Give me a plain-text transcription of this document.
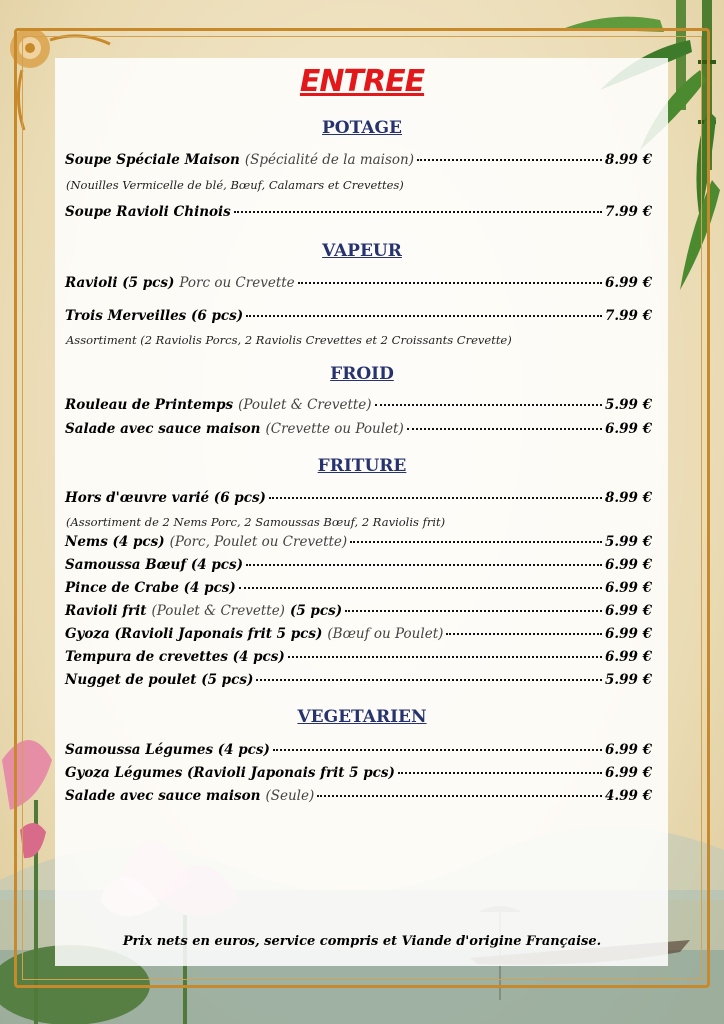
ENTREE
POTAGE
Soupe Spéciale Maison (Spécialité de la maison)	8.99 €

(Nouilles Vermicelle de blé, Bœuf, Calamars et Crevettes)

Soupe Ravioli Chinois	7.99 €
VAPEUR
Ravioli (5 pcs) Porc ou Crevette	6.99 €
Trois Merveilles (6 pcs)	7.99 €

Assortiment (2 Raviolis Porcs, 2 Raviolis Crevettes et 2 Croissants Crevette)

FROID
Rouleau de Printemps (Poulet & Crevette)	5.99 €
Salade avec sauce maison (Crevette ou Poulet)	6.99 €
FRITURE
Hors d'œuvre varié (6 pcs)	8.99 €

(Assortiment de 2 Nems Porc, 2 Samoussas Bœuf, 2 Raviolis frit)

Nems (4 pcs) (Porc, Poulet ou Crevette)	5.99 €
Samoussa Bœuf (4 pcs)	6.99 €
Pince de Crabe (4 pcs)	6.99 €
Ravioli frit (Poulet & Crevette) (5 pcs)	6.99 €
Gyoza (Ravioli Japonais frit 5 pcs) (Bœuf ou Poulet)	6.99 €
Tempura de crevettes (4 pcs)	6.99 €
Nugget de poulet (5 pcs)	5.99 €
VEGETARIEN
Samoussa Légumes (4 pcs)	6.99 €
Gyoza Légumes (Ravioli Japonais frit 5 pcs)	6.99 €
Salade avec sauce maison (Seule)	4.99 €

Prix nets en euros, service compris et Viande d'origine Française.
